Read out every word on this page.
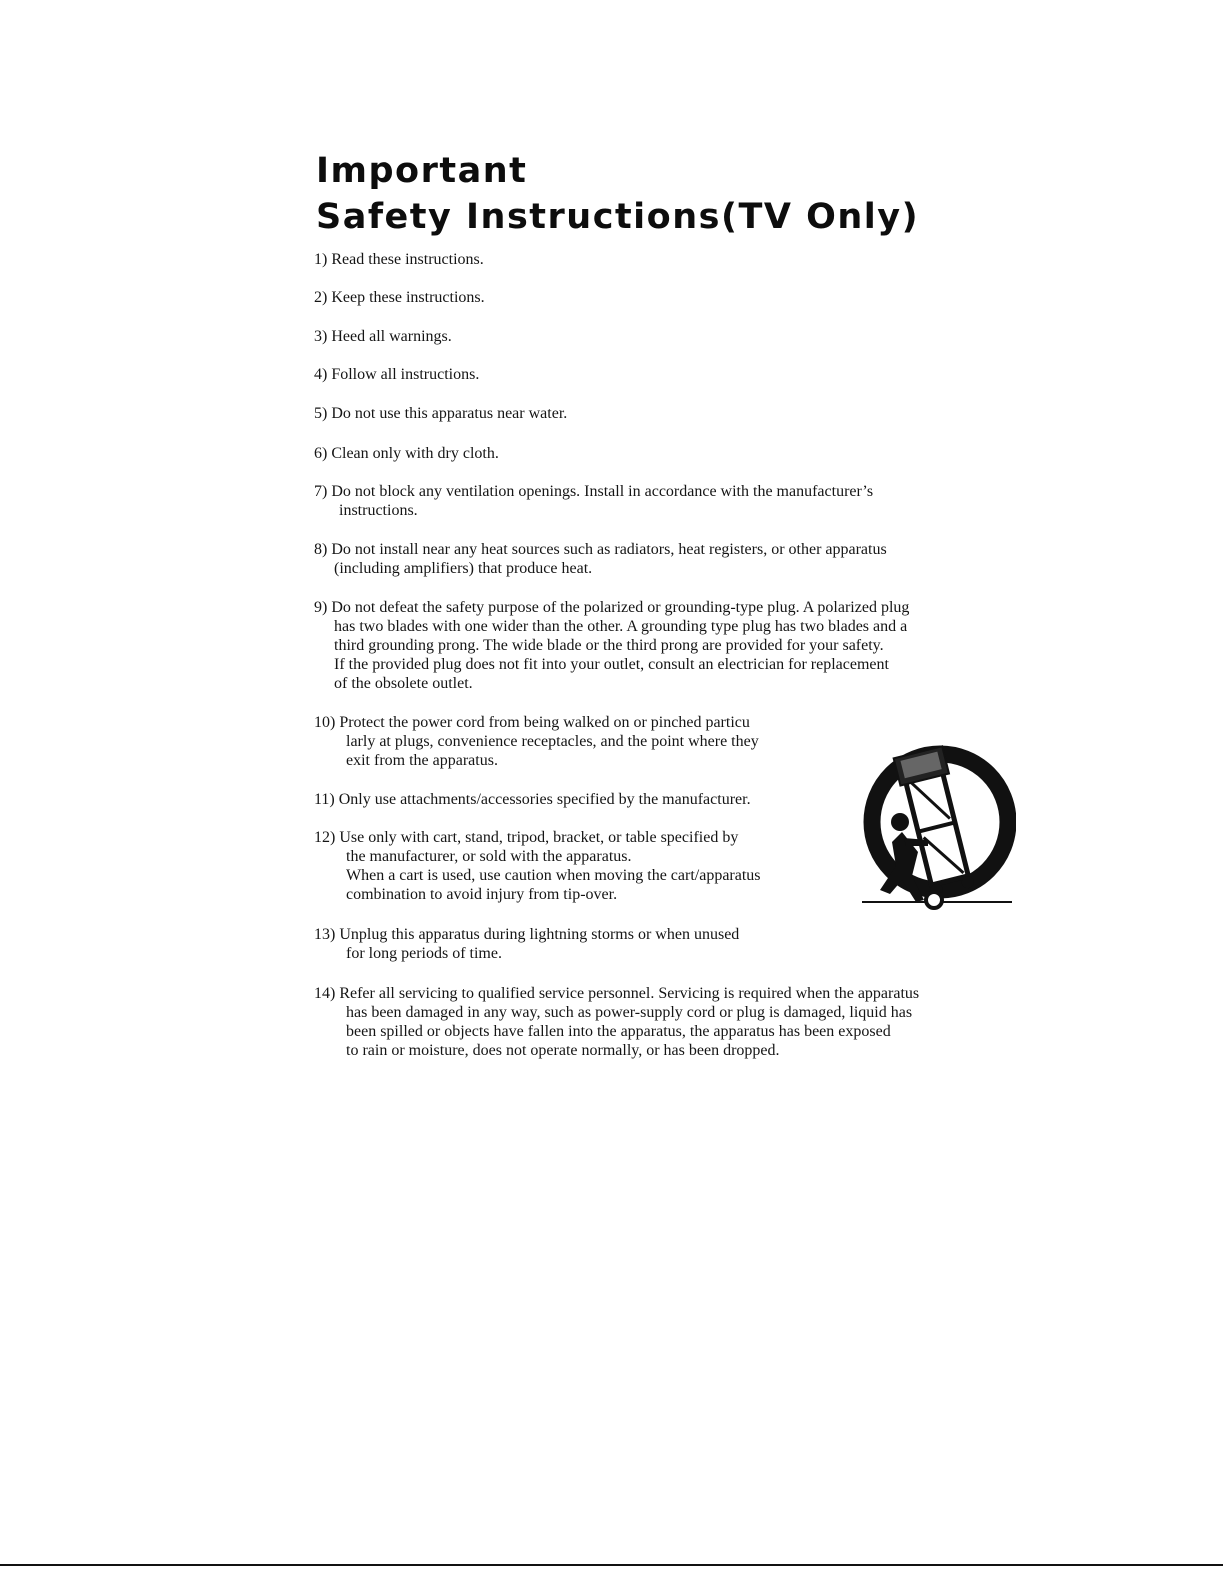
Important
Safety Instructions(TV Only)

1) Read these instructions.

2) Keep these instructions.

3) Heed all warnings.

4) Follow all instructions.

5) Do not use this apparatus near water.

6) Clean only with dry cloth.

7) Do not block any ventilation openings. Install in accordance with the manufacturer’s
instructions.

8) Do not install near any heat sources such as radiators, heat registers, or other apparatus
(including amplifiers) that produce heat.

9) Do not defeat the safety purpose of the polarized or grounding-type plug. A polarized plug
has two blades with one wider than the other. A grounding type plug has two blades and a
third grounding prong. The wide blade or the third prong are provided for your safety.
If the provided plug does not fit into your outlet, consult an electrician for replacement
of the obsolete outlet.

10) Protect the power cord from being walked on or pinched particu
larly at plugs, convenience receptacles, and the point where they
exit from the apparatus.

11) Only use attachments/accessories specified by the manufacturer.

12) Use only with cart, stand, tripod, bracket, or table specified by
the manufacturer, or sold with the apparatus.
When a cart is used, use caution when moving the cart/apparatus
combination to avoid injury from tip-over.

13) Unplug this apparatus during lightning storms or when unused
for long periods of time.

14) Refer all servicing to qualified service personnel. Servicing is required when the apparatus
has been damaged in any way, such as power-supply cord or plug is damaged, liquid has
been spilled or objects have fallen into the apparatus, the apparatus has been exposed
to rain or moisture, does not operate normally, or has been dropped.
